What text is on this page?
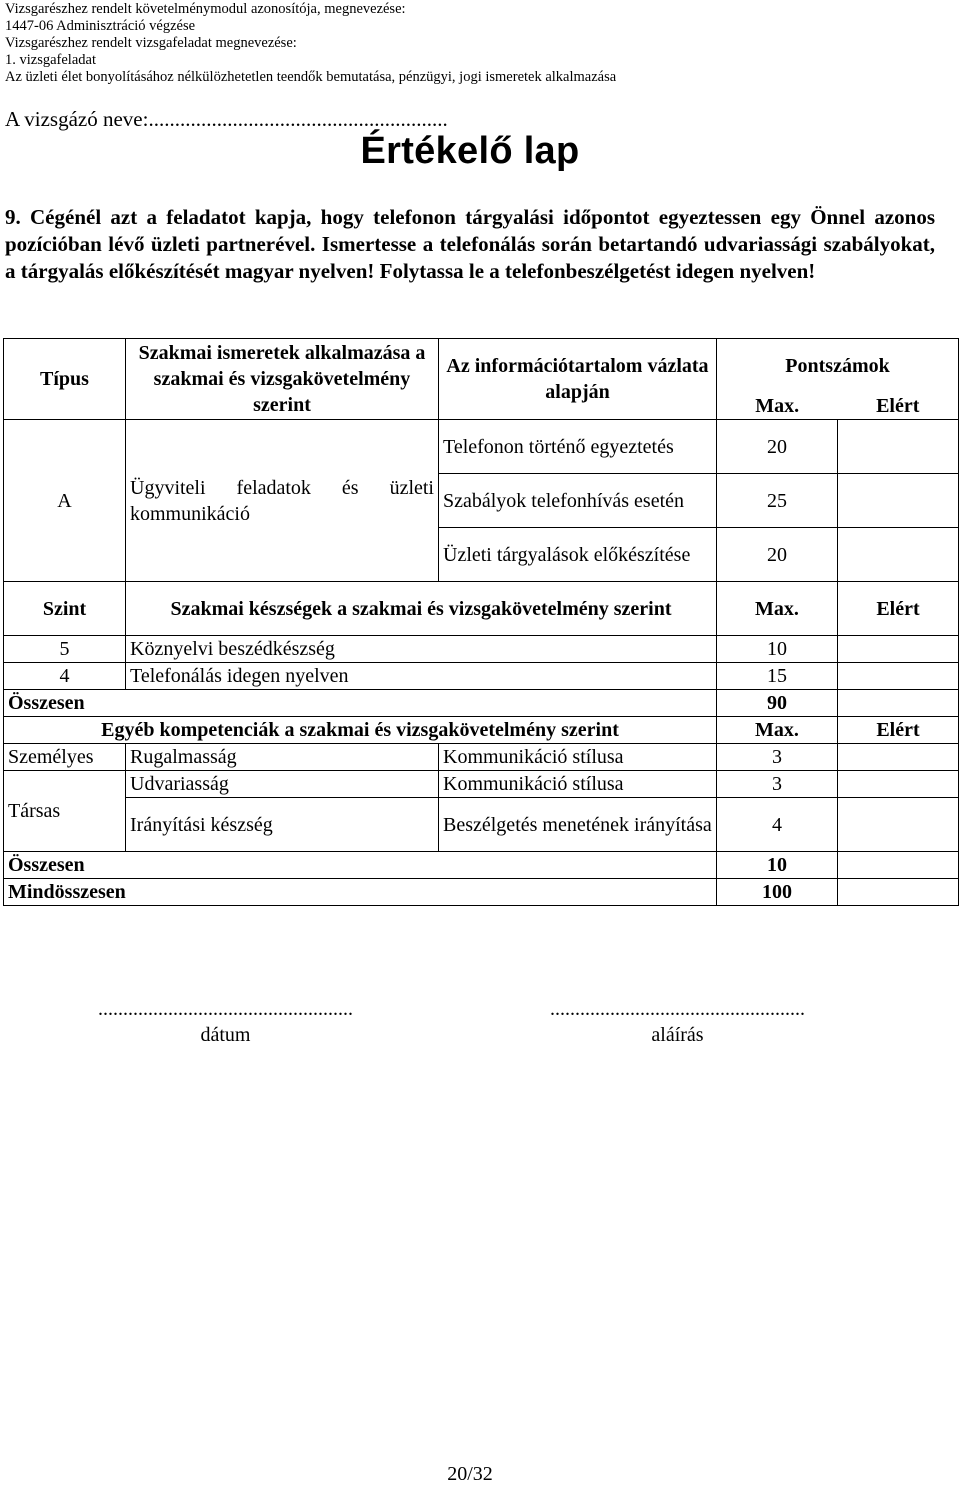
Vizsgarészhez rendelt követelménymodul azonosítója, megnevezése:
1447-06 Adminisztráció végzése
Vizsgarészhez rendelt vizsgafeladat megnevezése:
1. vizsgafeladat
Az üzleti élet bonyolításához nélkülözhetetlen teendők bemutatása, pénzügyi, jogi ismeretek alkalmazása
A vizsgázó neve:.........................................................
Értékelő lap
9. Cégénél azt a feladatot kapja, hogy telefonon tárgyalási időpontot egyeztessen egy Önnel azonos pozícióban lévő üzleti partnerével. Ismertesse a telefonálás során betartandó udvariassági szabályokat, a tárgyalás előkészítését magyar nyelven! Folytassa le a telefonbeszélgetést idegen nyelven!
Típus	Szakmai ismeretek alkalmazása a szakmai és vizsgakövetelmény szerint	Az információtartalom vázlata alapján	Pontszámok	
			Max.	Elért
A	Ügyviteli feladatok és üzleti kommunikáció	Telefonon történő egyeztetés	20	
		Szabályok telefonhívás esetén	25	
		Üzleti tárgyalások előkészítése	20	
Szint	Szakmai készségek a szakmai és vizsgakövetelmény szerint		Max.	Elért
5	Köznyelvi beszédkészség		10	
4	Telefonálás idegen nyelven		15	
Összesen			90	
Egyéb kompetenciák a szakmai és vizsgakövetelmény szerint			Max.	Elért
Személyes	Rugalmasság	Kommunikáció stílusa	3	
Társas	Udvariasság	Kommunikáció stílusa	3	
	Irányítási készség	Beszélgetés menetének irányítása	4	
Összesen			10	
Mindösszesen			100	
...................................................
dátum
...................................................
aláírás
20/32
